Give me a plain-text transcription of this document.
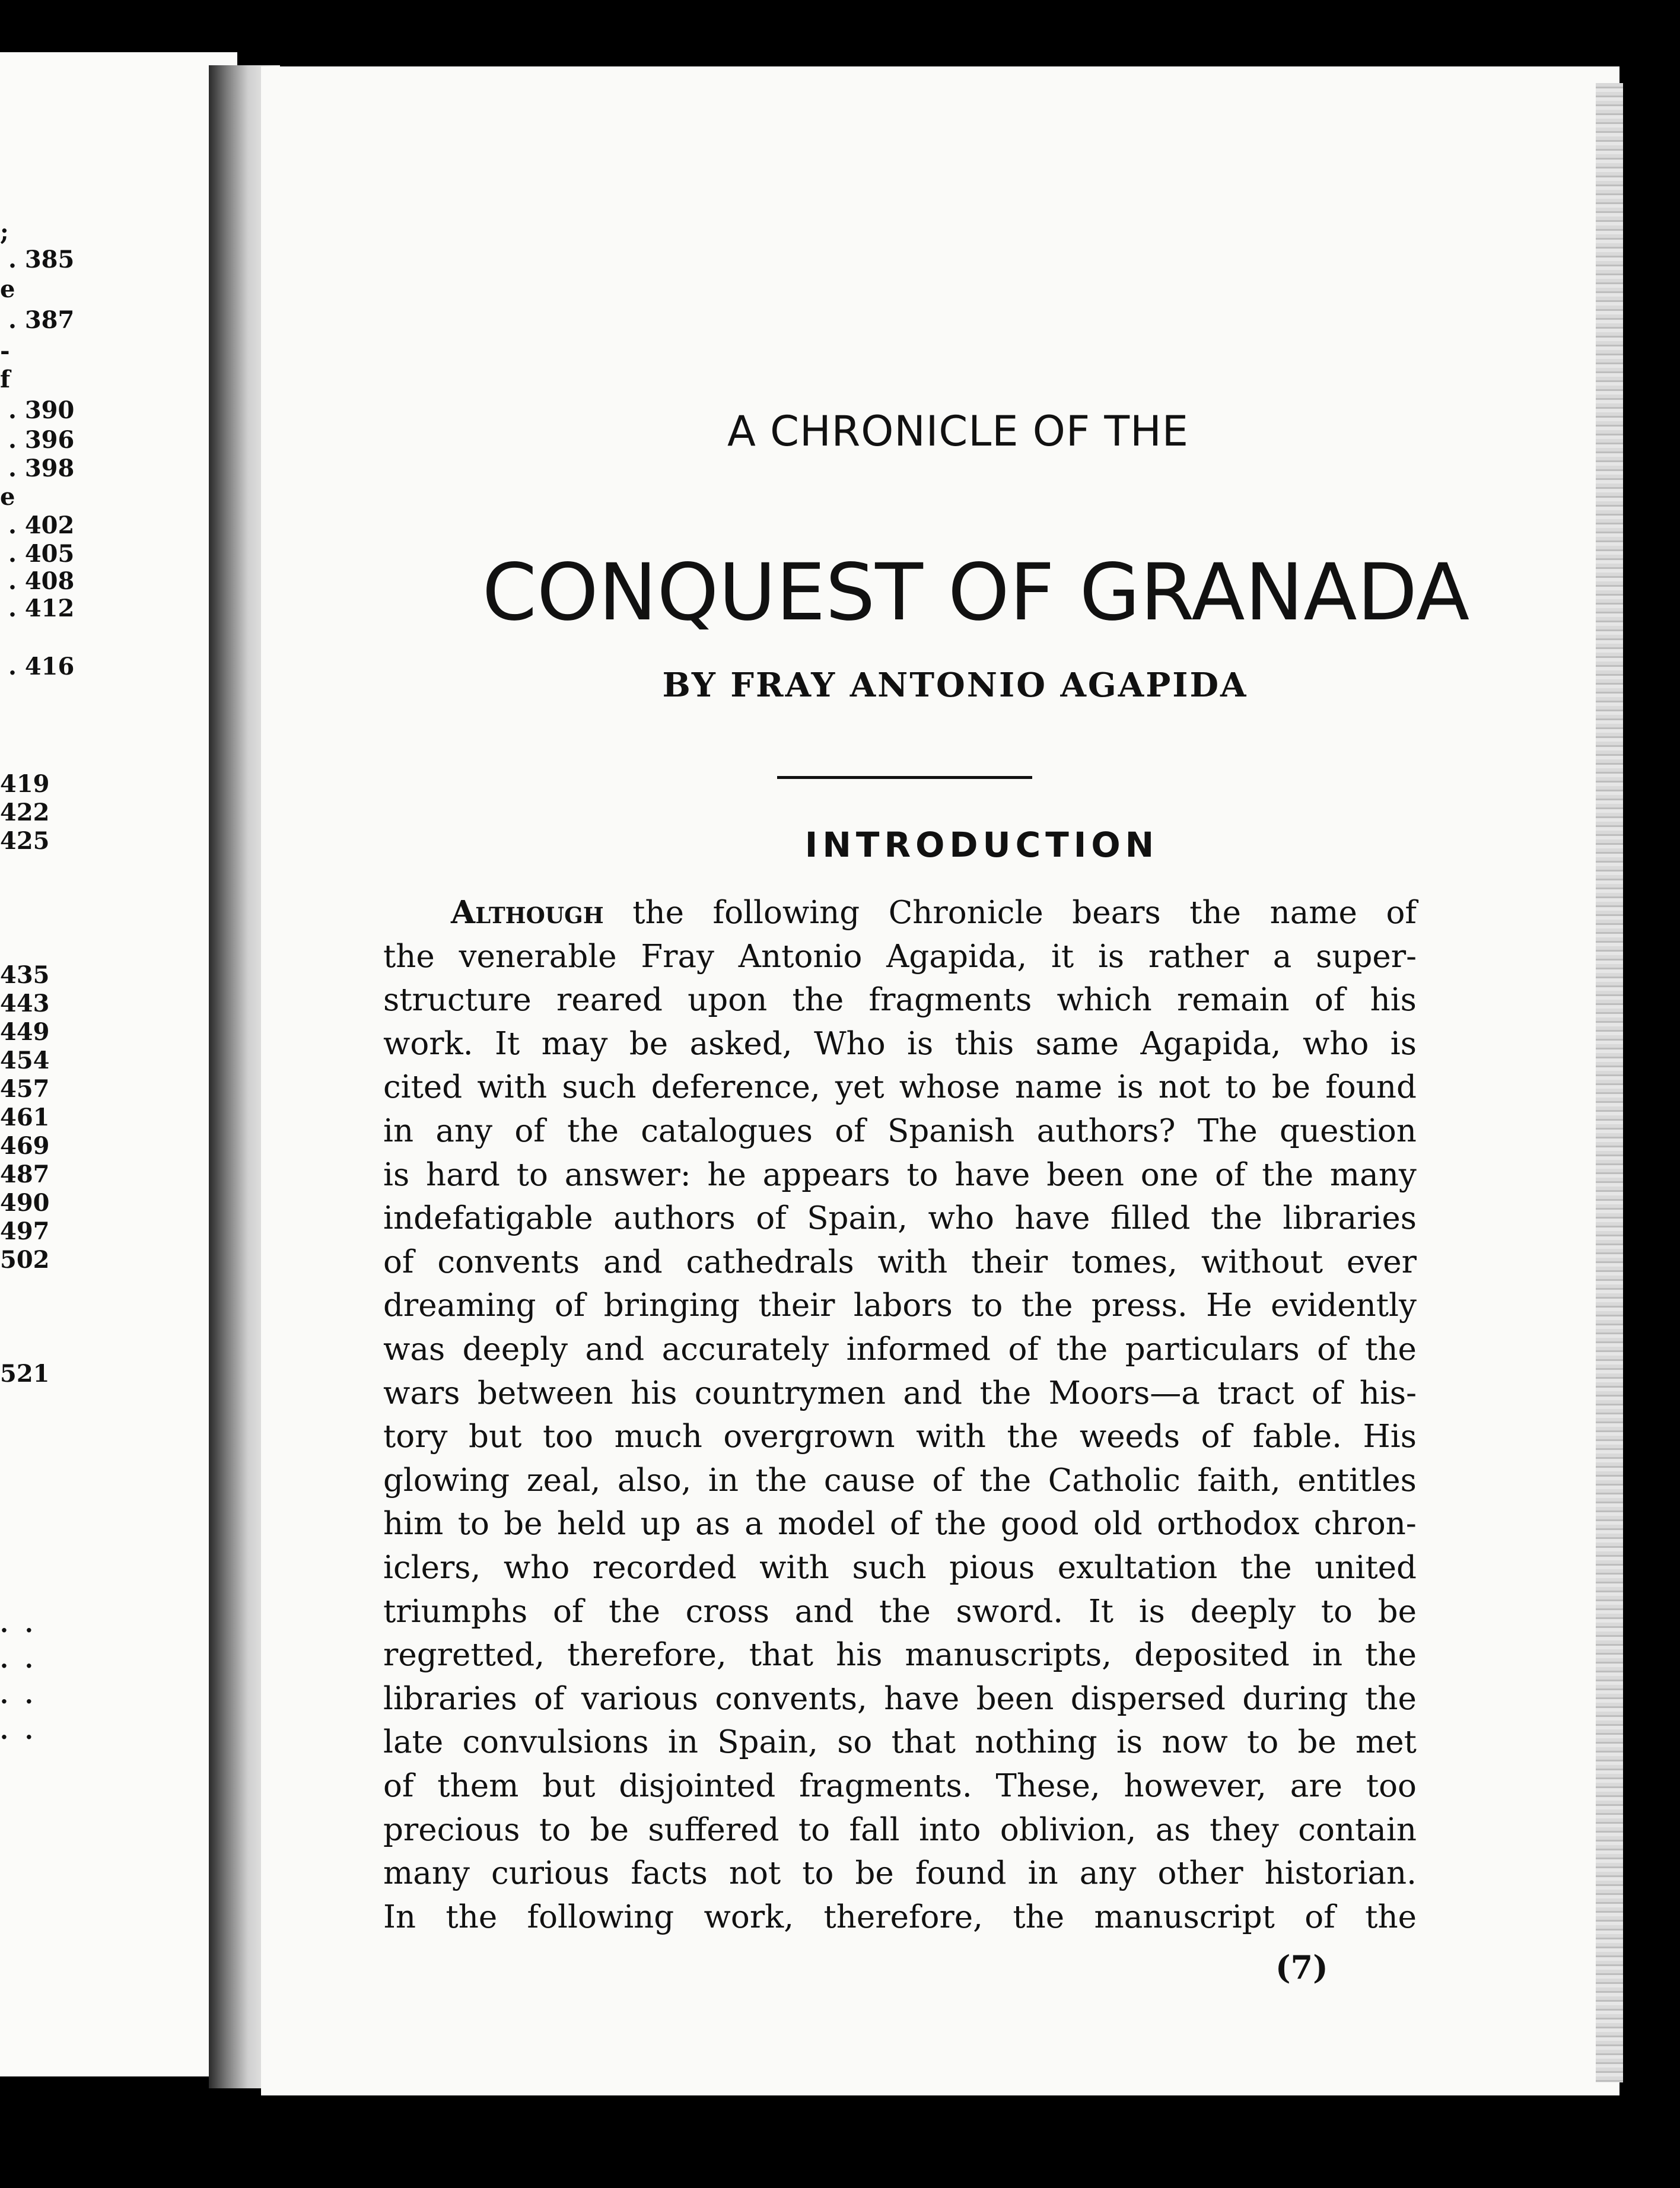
;
. 385
e
. 387
-
f
. 390
. 396
. 398
e
. 402
. 405
. 408
. 412
. 416
419
422
425
435
443
449
454
457
461
469
487
490
497
502
521
..
..
..
..
A CHRONICLE OF THE
CONQUEST OF GRANADA
BY FRAY ANTONIO AGAPIDA
INTRODUCTION
Although the following Chronicle bears the name of
the venerable Fray Antonio Agapida, it is rather a super-
structure reared upon the fragments which remain of his
work. It may be asked, Who is this same Agapida, who is
cited with such deference, yet whose name is not to be found
in any of the catalogues of Spanish authors? The question
is hard to answer: he appears to have been one of the many
indefatigable authors of Spain, who have filled the libraries
of convents and cathedrals with their tomes, without ever
dreaming of bringing their labors to the press. He evidently
was deeply and accurately informed of the particulars of the
wars between his countrymen and the Moors—a tract of his-
tory but too much overgrown with the weeds of fable. His
glowing zeal, also, in the cause of the Catholic faith, entitles
him to be held up as a model of the good old orthodox chron-
iclers, who recorded with such pious exultation the united
triumphs of the cross and the sword. It is deeply to be
regretted, therefore, that his manuscripts, deposited in the
libraries of various convents, have been dispersed during the
late convulsions in Spain, so that nothing is now to be met
of them but disjointed fragments. These, however, are too
precious to be suffered to fall into oblivion, as they contain
many curious facts not to be found in any other historian.
In the following work, therefore, the manuscript of the
(7)
